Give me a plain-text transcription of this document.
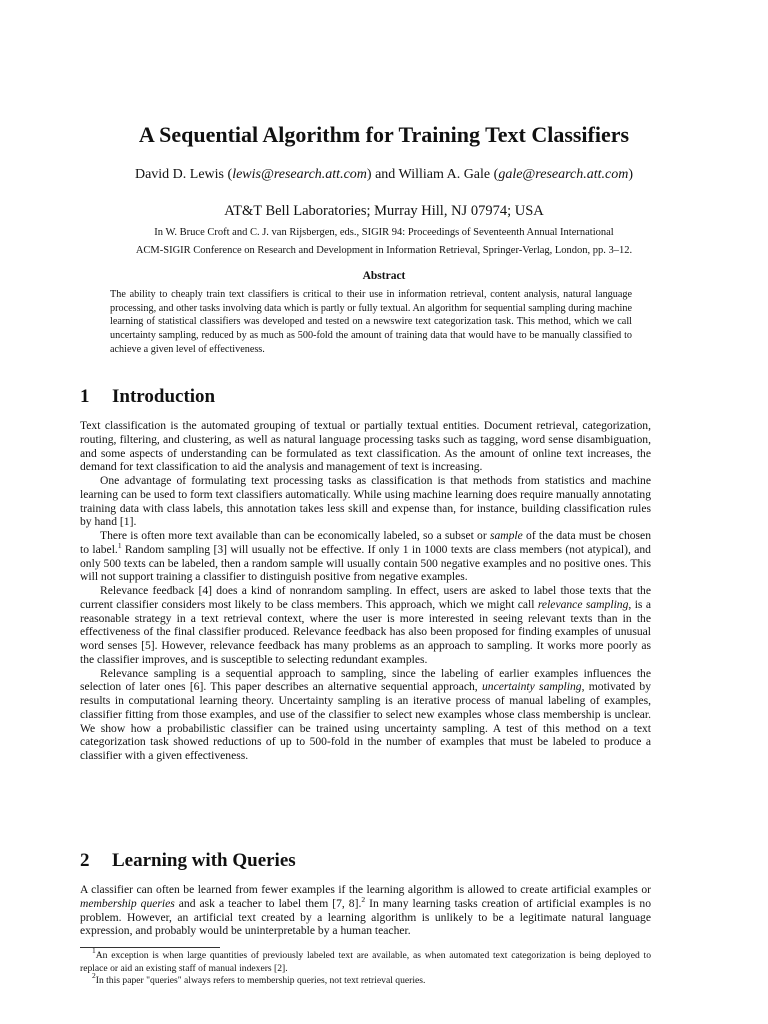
A Sequential Algorithm for Training Text Classifiers
David D. Lewis (lewis@research.att.com) and William A. Gale (gale@research.att.com)
AT&T Bell Laboratories; Murray Hill, NJ 07974; USA
In W. Bruce Croft and C. J. van Rijsbergen, eds., SIGIR 94: Proceedings of Seventeenth Annual International
ACM-SIGIR Conference on Research and Development in Information Retrieval, Springer-Verlag, London, pp. 3–12.
Abstract
The ability to cheaply train text classifiers is critical to their use in information retrieval, content analysis, natural language processing, and other tasks involving data which is partly or fully textual. An algorithm for sequential sampling during machine learning of statistical classifiers was developed and tested on a newswire text categorization task. This method, which we call uncertainty sampling, reduced by as much as 500-fold the amount of training data that would have to be manually classified to achieve a given level of effectiveness.
1 Introduction

Text classification is the automated grouping of textual or partially textual entities. Document retrieval, categorization, routing, filtering, and clustering, as well as natural language processing tasks such as tagging, word sense disambiguation, and some aspects of understanding can be formulated as text classification. As the amount of online text increases, the demand for text classification to aid the analysis and management of text is increasing.

One advantage of formulating text processing tasks as classification is that methods from statistics and machine learning can be used to form text classifiers automatically. While using machine learning does require manually annotating training data with class labels, this annotation takes less skill and expense than, for instance, building classification rules by hand [1].

There is often more text available than can be economically labeled, so a subset or sample of the data must be chosen to label.$^1$ Random sampling [3] will usually not be effective. If only 1 in 1000 texts are class members (not atypical), and only 500 texts can be labeled, then a random sample will usually contain 500 negative examples and no positive ones. This will not support training a classifier to distinguish positive from negative examples.

Relevance feedback [4] does a kind of nonrandom sampling. In effect, users are asked to label those texts that the current classifier considers most likely to be class members. This approach, which we might call relevance sampling, is a reasonable strategy in a text retrieval context, where the user is more interested in seeing relevant texts than in the effectiveness of the final classifier produced. Relevance feedback has also been proposed for finding examples of unusual word senses [5]. However, relevance feedback has many problems as an approach to sampling. It works more poorly as the classifier improves, and is susceptible to selecting redundant examples.

Relevance sampling is a sequential approach to sampling, since the labeling of earlier examples influences the selection of later ones [6]. This paper describes an alternative sequential approach, uncertainty sampling, motivated by results in computational learning theory. Uncertainty sampling is an iterative process of manual labeling of examples, classifier fitting from those examples, and use of the classifier to select new examples whose class membership is unclear. We show how a probabilistic classifier can be trained using uncertainty sampling. A test of this method on a text categorization task showed reductions of up to 500-fold in the number of examples that must be labeled to produce a classifier with a given effectiveness.

2 Learning with Queries

A classifier can often be learned from fewer examples if the learning algorithm is allowed to create artificial examples or membership queries and ask a teacher to label them [7, 8].$^2$ In many learning tasks creation of artificial examples is no problem. However, an artificial text created by a learning algorithm is unlikely to be a legitimate natural language expression, and probably would be uninterpretable by a human teacher.

$^1$An exception is when large quantities of previously labeled text are available, as when automated text categorization is being deployed to replace or aid an existing staff of manual indexers [2].

$^2$In this paper "queries" always refers to membership queries, not text retrieval queries.
